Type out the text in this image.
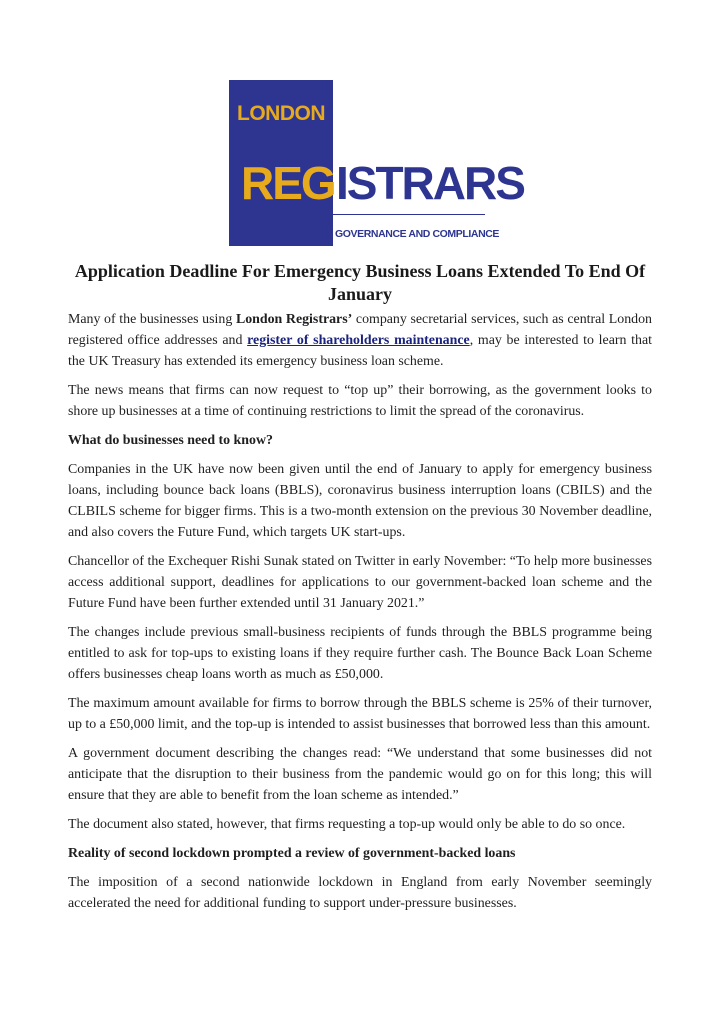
LONDON
REG ISTRARS
GOVERNANCE AND COMPLIANCE
Application Deadline For Emergency Business Loans Extended To End Of January

Many of the businesses using London Registrars’ company secretarial services, such as central London registered office addresses and register of shareholders maintenance, may be interested to learn that the UK Treasury has extended its emergency business loan scheme.

The news means that firms can now request to “top up” their borrowing, as the government looks to shore up businesses at a time of continuing restrictions to limit the spread of the coronavirus.

What do businesses need to know?

Companies in the UK have now been given until the end of January to apply for emergency business loans, including bounce back loans (BBLS), coronavirus business interruption loans (CBILS) and the CLBILS scheme for bigger firms. This is a two-month extension on the previous 30 November deadline, and also covers the Future Fund, which targets UK start-ups.

Chancellor of the Exchequer Rishi Sunak stated on Twitter in early November: “To help more businesses access additional support, deadlines for applications to our government-backed loan scheme and the Future Fund have been further extended until 31 January 2021.”

The changes include previous small-business recipients of funds through the BBLS programme being entitled to ask for top-ups to existing loans if they require further cash. The Bounce Back Loan Scheme offers businesses cheap loans worth as much as £50,000.

The maximum amount available for firms to borrow through the BBLS scheme is 25% of their turnover, up to a £50,000 limit, and the top-up is intended to assist businesses that borrowed less than this amount.

A government document describing the changes read: “We understand that some businesses did not anticipate that the disruption to their business from the pandemic would go on for this long; this will ensure that they are able to benefit from the loan scheme as intended.”

The document also stated, however, that firms requesting a top-up would only be able to do so once.

Reality of second lockdown prompted a review of government-backed loans

The imposition of a second nationwide lockdown in England from early November seemingly accelerated the need for additional funding to support under-pressure businesses.
